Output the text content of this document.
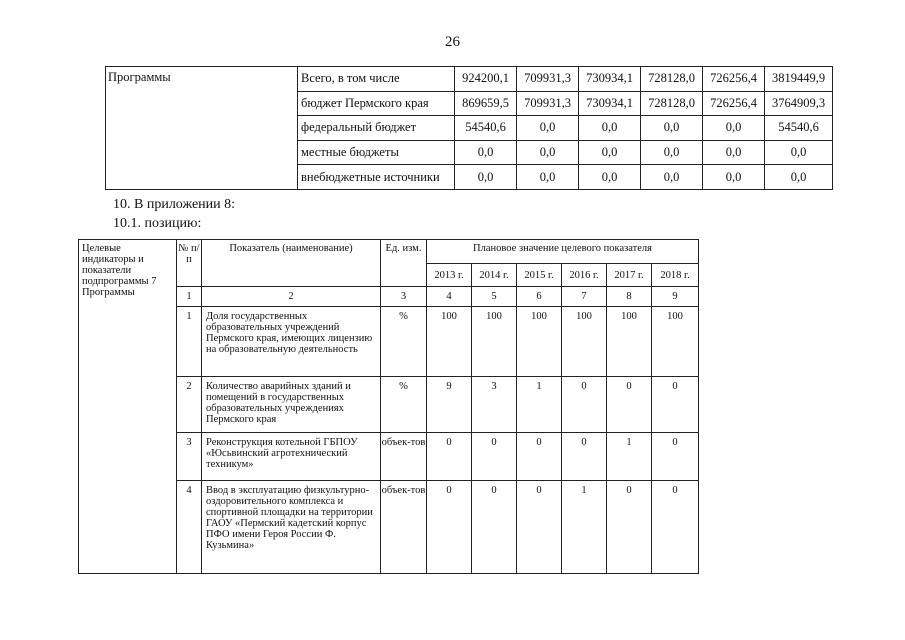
26
Программы	Всего, в том числе	924200,1	709931,3	730934,1	728128,0	726256,4	3819449,9
	бюджет Пермского края	869659,5	709931,3	730934,1	728128,0	726256,4	3764909,3
	федеральный бюджет	54540,6	0,0	0,0	0,0	0,0	54540,6
	местные бюджеты	0,0	0,0	0,0	0,0	0,0	0,0
	внебюджетные источники	0,0	0,0	0,0	0,0	0,0	0,0
10. В приложении 8:
10.1. позицию:
Целевые индикаторы и показатели подпрограммы 7 Программы	№ п/п	Показатель (наименование)	Ед. изм.	Плановое значение целевого показателя					
				2013 г.	2014 г.	2015 г.	2016 г.	2017 г.	2018 г.
	1	2	3	4	5	6	7	8	9
	1	Доля государственных образовательных учреждений Пермского края, имеющих лицензию на образовательную деятельность	%	100	100	100	100	100	100
	2	Количество аварийных зданий и помещений в государственных образовательных учреждениях Пермского края	%	9	3	1	0	0	0
	3	Реконструкция котельной ГБПОУ «Юсьвинский агротехнический техникум»	объек-тов	0	0	0	0	1	0
	4	Ввод в эксплуатацию физкультурно-оздоровительного комплекса и спортивной площадки на территории ГАОУ «Пермский кадетский корпус ПФО имени Героя России Ф. Кузьмина»	объек-тов	0	0	0	1	0	0
